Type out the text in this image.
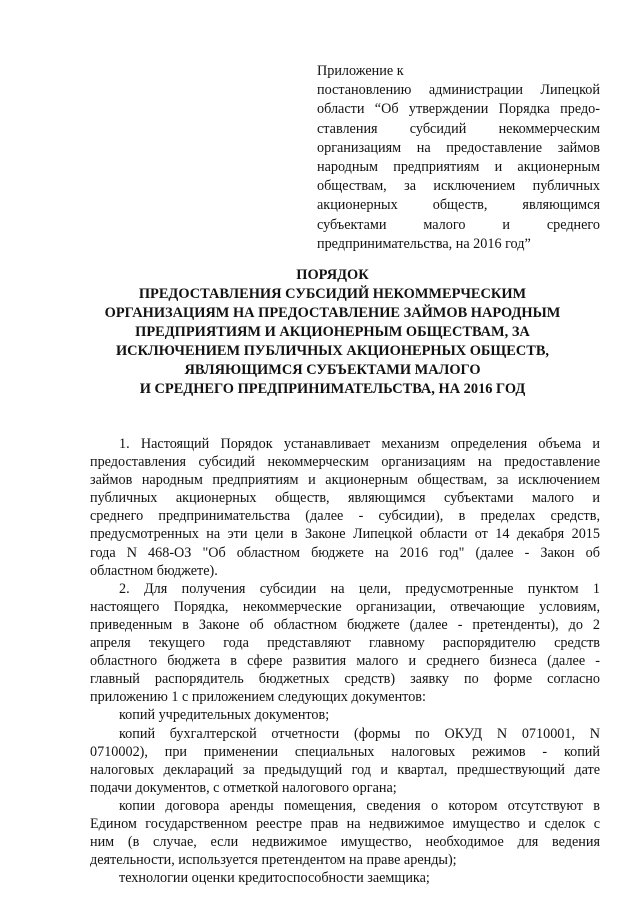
Приложение к
постановлению администрации Липецкой
области “Об утверждении Порядка предо-
ставления субсидий некоммерческим
организациям на предоставление займов
народным предприятиям и акционерным
обществам, за исключением публичных
акционерных обществ, являющимся
субъектами малого и среднего
предпринимательства, на 2016 год”
ПОРЯДОК
ПРЕДОСТАВЛЕНИЯ СУБСИДИЙ НЕКОММЕРЧЕСКИМ
ОРГАНИЗАЦИЯМ НА ПРЕДОСТАВЛЕНИЕ ЗАЙМОВ НАРОДНЫМ
ПРЕДПРИЯТИЯМ И АКЦИОНЕРНЫМ ОБЩЕСТВАМ, ЗА
ИСКЛЮЧЕНИЕМ ПУБЛИЧНЫХ АКЦИОНЕРНЫХ ОБЩЕСТВ,
ЯВЛЯЮЩИМСЯ СУБЪЕКТАМИ МАЛОГО
И СРЕДНЕГО ПРЕДПРИНИМАТЕЛЬСТВА, НА 2016 ГОД
1. Настоящий Порядок устанавливает механизм определения объема и
предоставления субсидий некоммерческим организациям на предоставление
займов народным предприятиям и акционерным обществам, за исключением
публичных акционерных обществ, являющимся субъектами малого и
среднего предпринимательства (далее - субсидии), в пределах средств,
предусмотренных на эти цели в Законе Липецкой области от 14 декабря 2015
года N 468-ОЗ "Об областном бюджете на 2016 год" (далее - Закон об
областном бюджете).
2. Для получения субсидии на цели, предусмотренные пунктом 1
настоящего Порядка, некоммерческие организации, отвечающие условиям,
приведенным в Законе об областном бюджете (далее - претенденты), до 2
апреля текущего года представляют главному распорядителю средств
областного бюджета в сфере развития малого и среднего бизнеса (далее -
главный распорядитель бюджетных средств) заявку по форме согласно
приложению 1 с приложением следующих документов:
копий учредительных документов;
копий бухгалтерской отчетности (формы по ОКУД N 0710001, N
0710002), при применении специальных налоговых режимов - копий
налоговых деклараций за предыдущий год и квартал, предшествующий дате
подачи документов, с отметкой налогового органа;
копии договора аренды помещения, сведения о котором отсутствуют в
Едином государственном реестре прав на недвижимое имущество и сделок с
ним (в случае, если недвижимое имущество, необходимое для ведения
деятельности, используется претендентом на праве аренды);
технологии оценки кредитоспособности заемщика;
